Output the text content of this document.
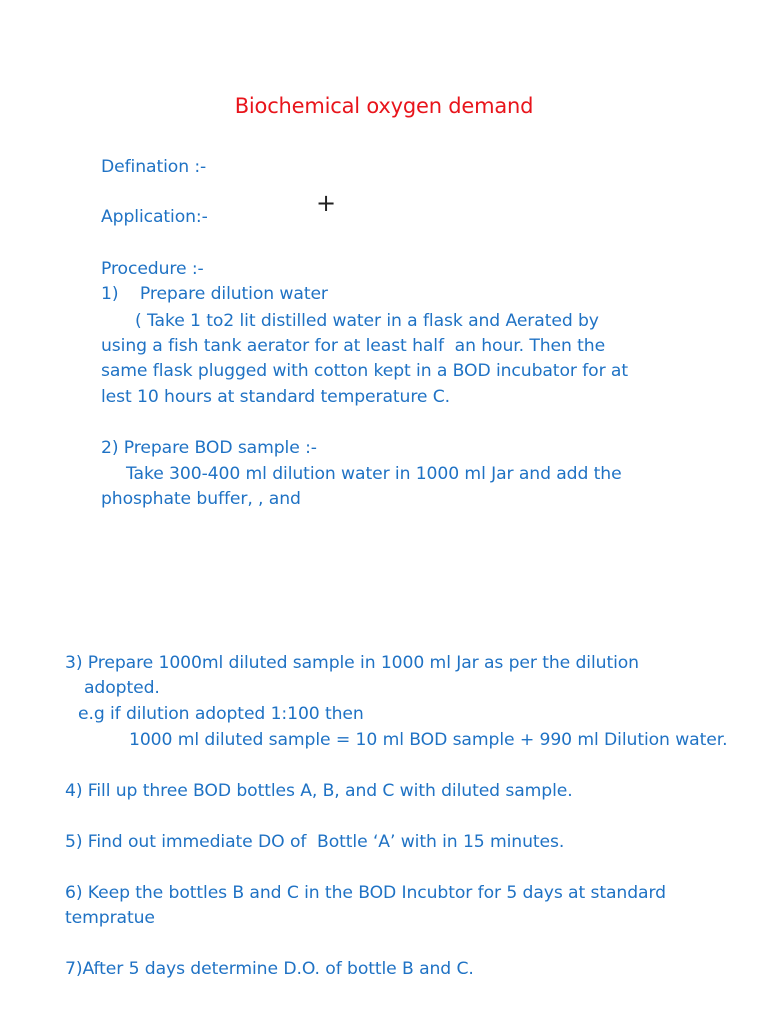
Biochemical oxygen demand
+
Defination :-
Application:-
Procedure :-
1)    Prepare dilution water
( Take 1 to2 lit distilled water in a flask and Aerated by
using a fish tank aerator for at least half  an hour. Then the
same flask plugged with cotton kept in a BOD incubator for at
lest 10 hours at standard temperature C.
2) Prepare BOD sample :-
Take 300-400 ml dilution water in 1000 ml Jar and add the
phosphate buffer, , and
3) Prepare 1000ml diluted sample in 1000 ml Jar as per the dilution
adopted.
e.g if dilution adopted 1:100 then
1000 ml diluted sample = 10 ml BOD sample + 990 ml Dilution water.
4) Fill up three BOD bottles A, B, and C with diluted sample.
5) Find out immediate DO of  Bottle ‘A’ with in 15 minutes.
6) Keep the bottles B and C in the BOD Incubtor for 5 days at standard
tempratue
7)After 5 days determine D.O. of bottle B and C.
